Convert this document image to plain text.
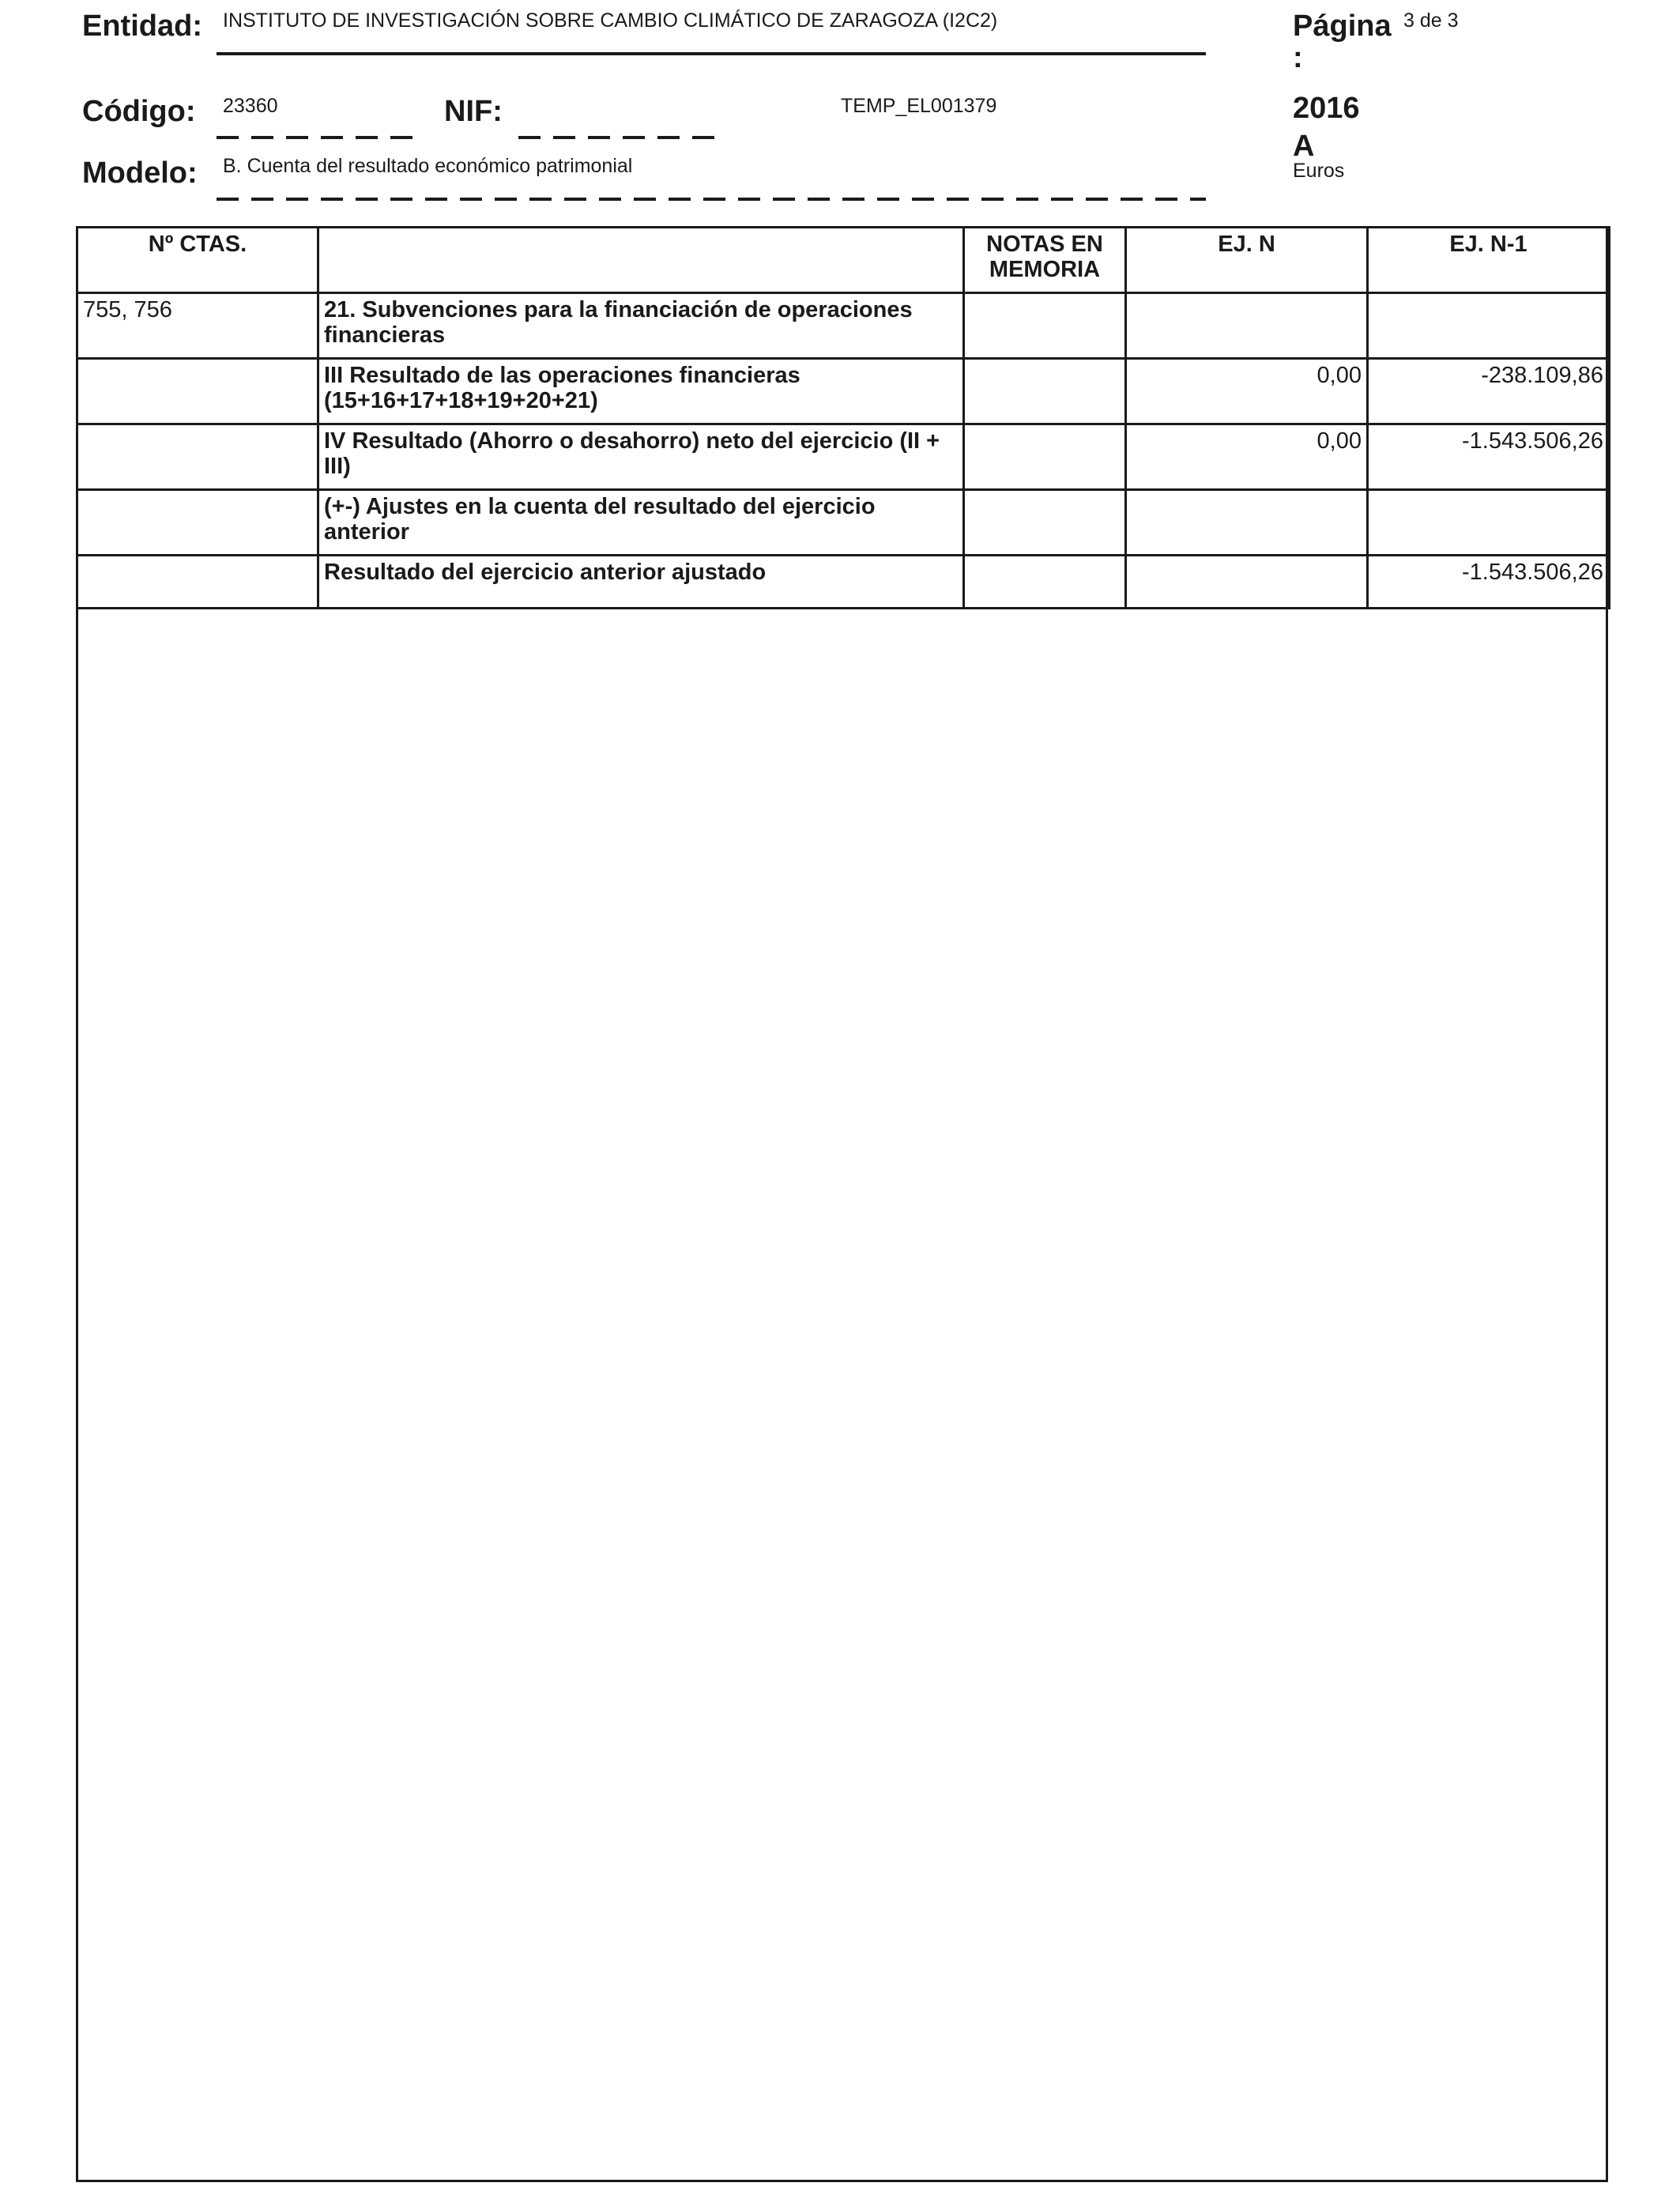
Entidad: INSTITUTO DE INVESTIGACIÓN SOBRE CAMBIO CLIMÁTICO DE ZARAGOZA (I2C2)	Página
:
3 de 3
Código: 23360	NIF:	TEMP_EL001379	2016
A
Euros
Modelo: B. Cuenta del resultado económico patrimonial
Nº CTAS.		NOTAS EN MEMORIA	EJ. N	EJ. N-1
755, 756	21. Subvenciones para la financiación de operaciones financieras			
	III Resultado de las operaciones financieras (15+16+17+18+19+20+21)		0,00	-238.109,86
	IV Resultado (Ahorro o desahorro) neto del ejercicio (II + III)		0,00	-1.543.506,26
	(+-) Ajustes en la cuenta del resultado del ejercicio anterior			
	Resultado del ejercicio anterior ajustado			-1.543.506,26
